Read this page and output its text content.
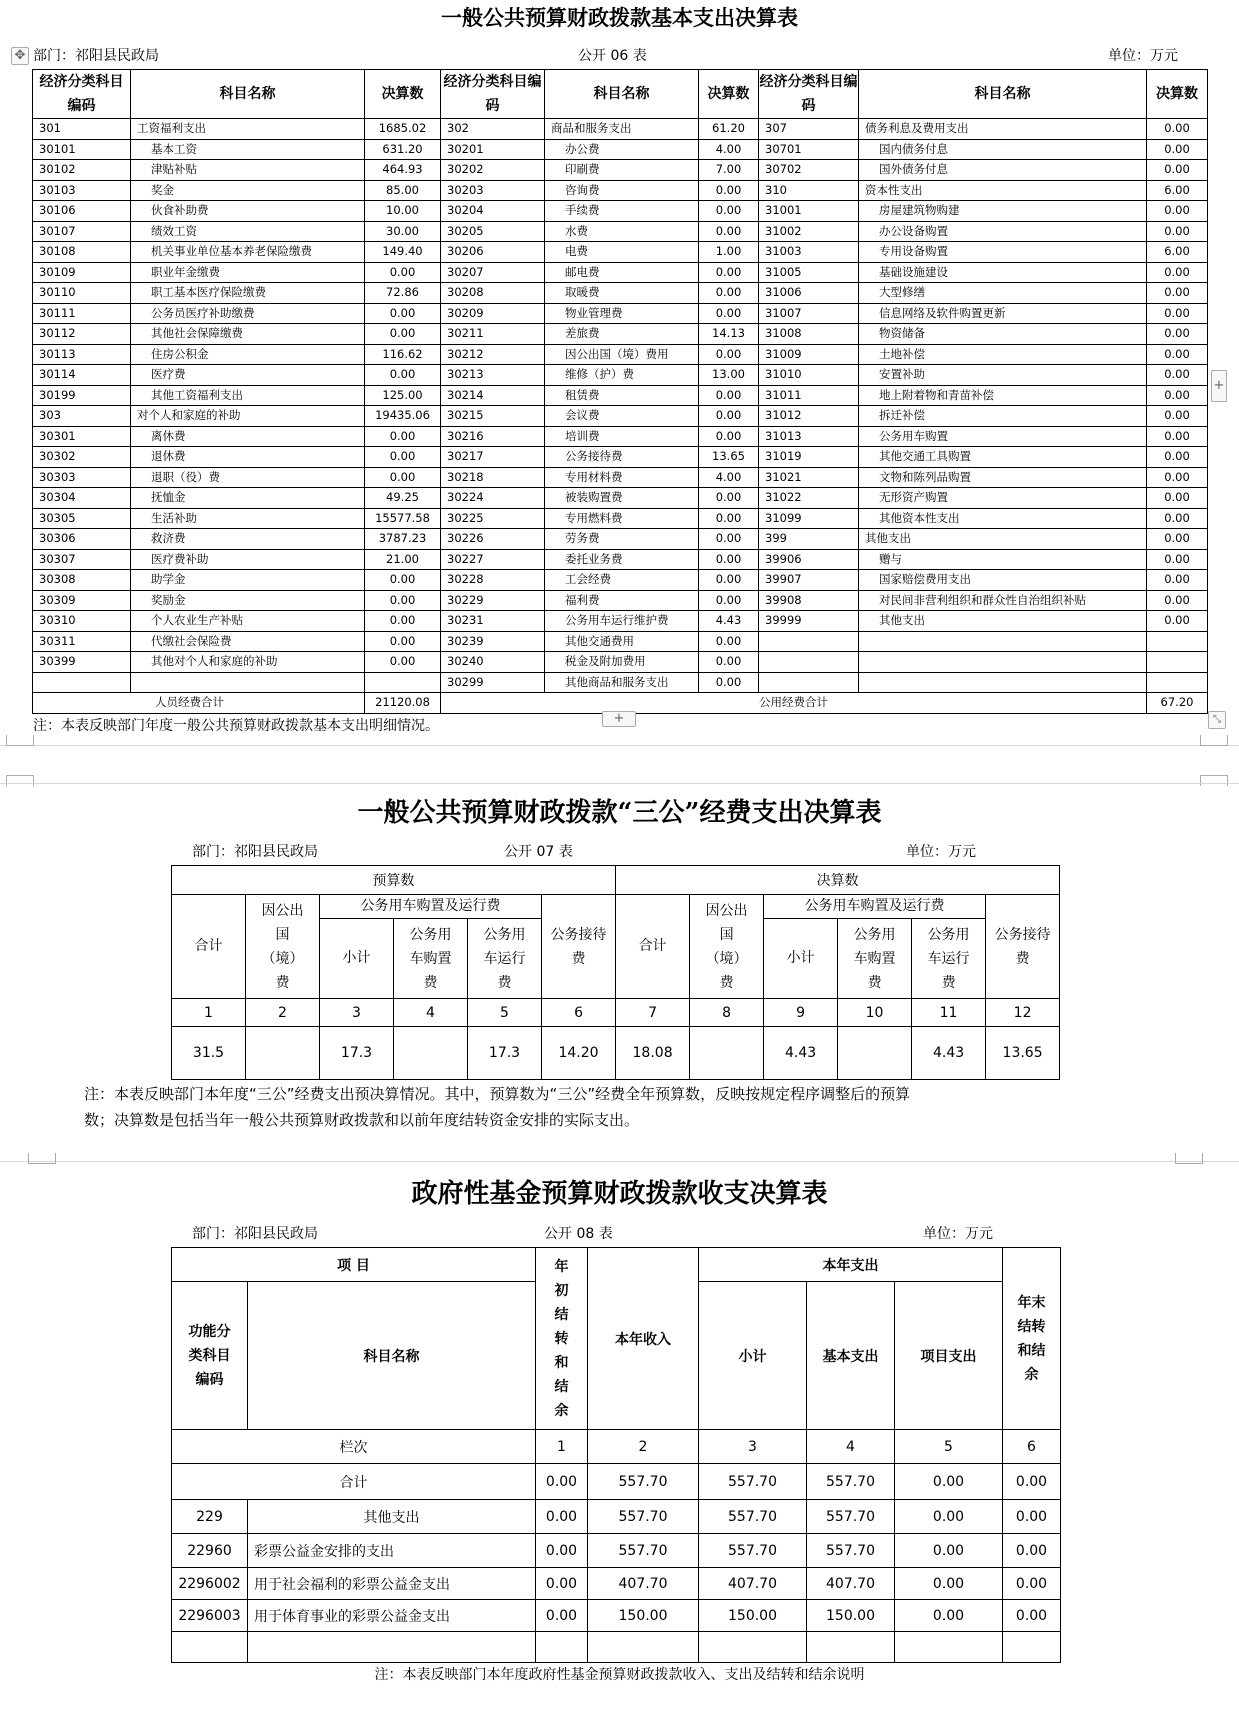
一般公共预算财政拨款基本支出决算表
✥ 部门：祁阳县民政局	公开 06 表	单位：万元
经济分类科目编码	科目名称	决算数	经济分类科目编码	科目名称	决算数	经济分类科目编码	科目名称	决算数
301	工资福利支出	1685.02	302	商品和服务支出	61.20	307	债务利息及费用支出	0.00
30101	基本工资	631.20	30201	办公费	4.00	30701	国内债务付息	0.00
30102	津贴补贴	464.93	30202	印刷费	7.00	30702	国外债务付息	0.00
30103	奖金	85.00	30203	咨询费	0.00	310	资本性支出	6.00
30106	伙食补助费	10.00	30204	手续费	0.00	31001	房屋建筑物购建	0.00
30107	绩效工资	30.00	30205	水费	0.00	31002	办公设备购置	0.00
30108	机关事业单位基本养老保险缴费	149.40	30206	电费	1.00	31003	专用设备购置	6.00
30109	职业年金缴费	0.00	30207	邮电费	0.00	31005	基础设施建设	0.00
30110	职工基本医疗保险缴费	72.86	30208	取暖费	0.00	31006	大型修缮	0.00
30111	公务员医疗补助缴费	0.00	30209	物业管理费	0.00	31007	信息网络及软件购置更新	0.00
30112	其他社会保障缴费	0.00	30211	差旅费	14.13	31008	物资储备	0.00
30113	住房公积金	116.62	30212	因公出国（境）费用	0.00	31009	土地补偿	0.00
30114	医疗费	0.00	30213	维修（护）费	13.00	31010	安置补助	0.00
30199	其他工资福利支出	125.00	30214	租赁费	0.00	31011	地上附着物和青苗补偿	0.00
303	对个人和家庭的补助	19435.06	30215	会议费	0.00	31012	拆迁补偿	0.00
30301	离休费	0.00	30216	培训费	0.00	31013	公务用车购置	0.00
30302	退休费	0.00	30217	公务接待费	13.65	31019	其他交通工具购置	0.00
30303	退职（役）费	0.00	30218	专用材料费	4.00	31021	文物和陈列品购置	0.00
30304	抚恤金	49.25	30224	被装购置费	0.00	31022	无形资产购置	0.00
30305	生活补助	15577.58	30225	专用燃料费	0.00	31099	其他资本性支出	0.00
30306	救济费	3787.23	30226	劳务费	0.00	399	其他支出	0.00
30307	医疗费补助	21.00	30227	委托业务费	0.00	39906	赠与	0.00
30308	助学金	0.00	30228	工会经费	0.00	39907	国家赔偿费用支出	0.00
30309	奖励金	0.00	30229	福利费	0.00	39908	对民间非营利组织和群众性自治组织补贴	0.00
30310	个人农业生产补贴	0.00	30231	公务用车运行维护费	4.43	39999	其他支出	0.00
30311	代缴社会保险费	0.00	30239	其他交通费用	0.00			
30399	其他对个人和家庭的补助	0.00	30240	税金及附加费用	0.00			
			30299	其他商品和服务支出	0.00			
人员经费合计		21120.08	公用经费合计					67.20
注：本表反映部门年度一般公共预算财政拨款基本支出明细情况。	+
+
⤡
一般公共预算财政拨款“三公”经费支出决算表
部门：祁阳县民政局	公开 07 表	单位：万元
预算数						决算数					
合计	因公出国（境）费	公务用车购置及运行费			公务接待费	合计	因公出国（境）费	公务用车购置及运行费			公务接待费
		小计	公务用车购置费	公务用车运行费				小计	公务用车购置费	公务用车运行费	
1	2	3	4	5	6	7	8	9	10	11	12
31.5		17.3		17.3	14.20	18.08		4.43		4.43	13.65
注：本表反映部门本年度“三公”经费支出预决算情况。其中，预算数为“三公”经费全年预算数，反映按规定程序调整后的预算
数；决算数是包括当年一般公共预算财政拨款和以前年度结转资金安排的实际支出。
政府性基金预算财政拨款收支决算表
部门：祁阳县民政局	公开 08 表	单位：万元
项 目		年初结转和结余	本年收入	本年支出			年末结转和结余
功能分类科目编码	科目名称			小计	基本支出	项目支出	
栏次		1	2	3	4	5	6
合计		0.00	557.70	557.70	557.70	0.00	0.00
229	其他支出	0.00	557.70	557.70	557.70	0.00	0.00
22960	彩票公益金安排的支出	0.00	557.70	557.70	557.70	0.00	0.00
2296002	用于社会福利的彩票公益金支出	0.00	407.70	407.70	407.70	0.00	0.00
2296003	用于体育事业的彩票公益金支出	0.00	150.00	150.00	150.00	0.00	0.00

注：本表反映部门本年度政府性基金预算财政拨款收入、支出及结转和结余说明
